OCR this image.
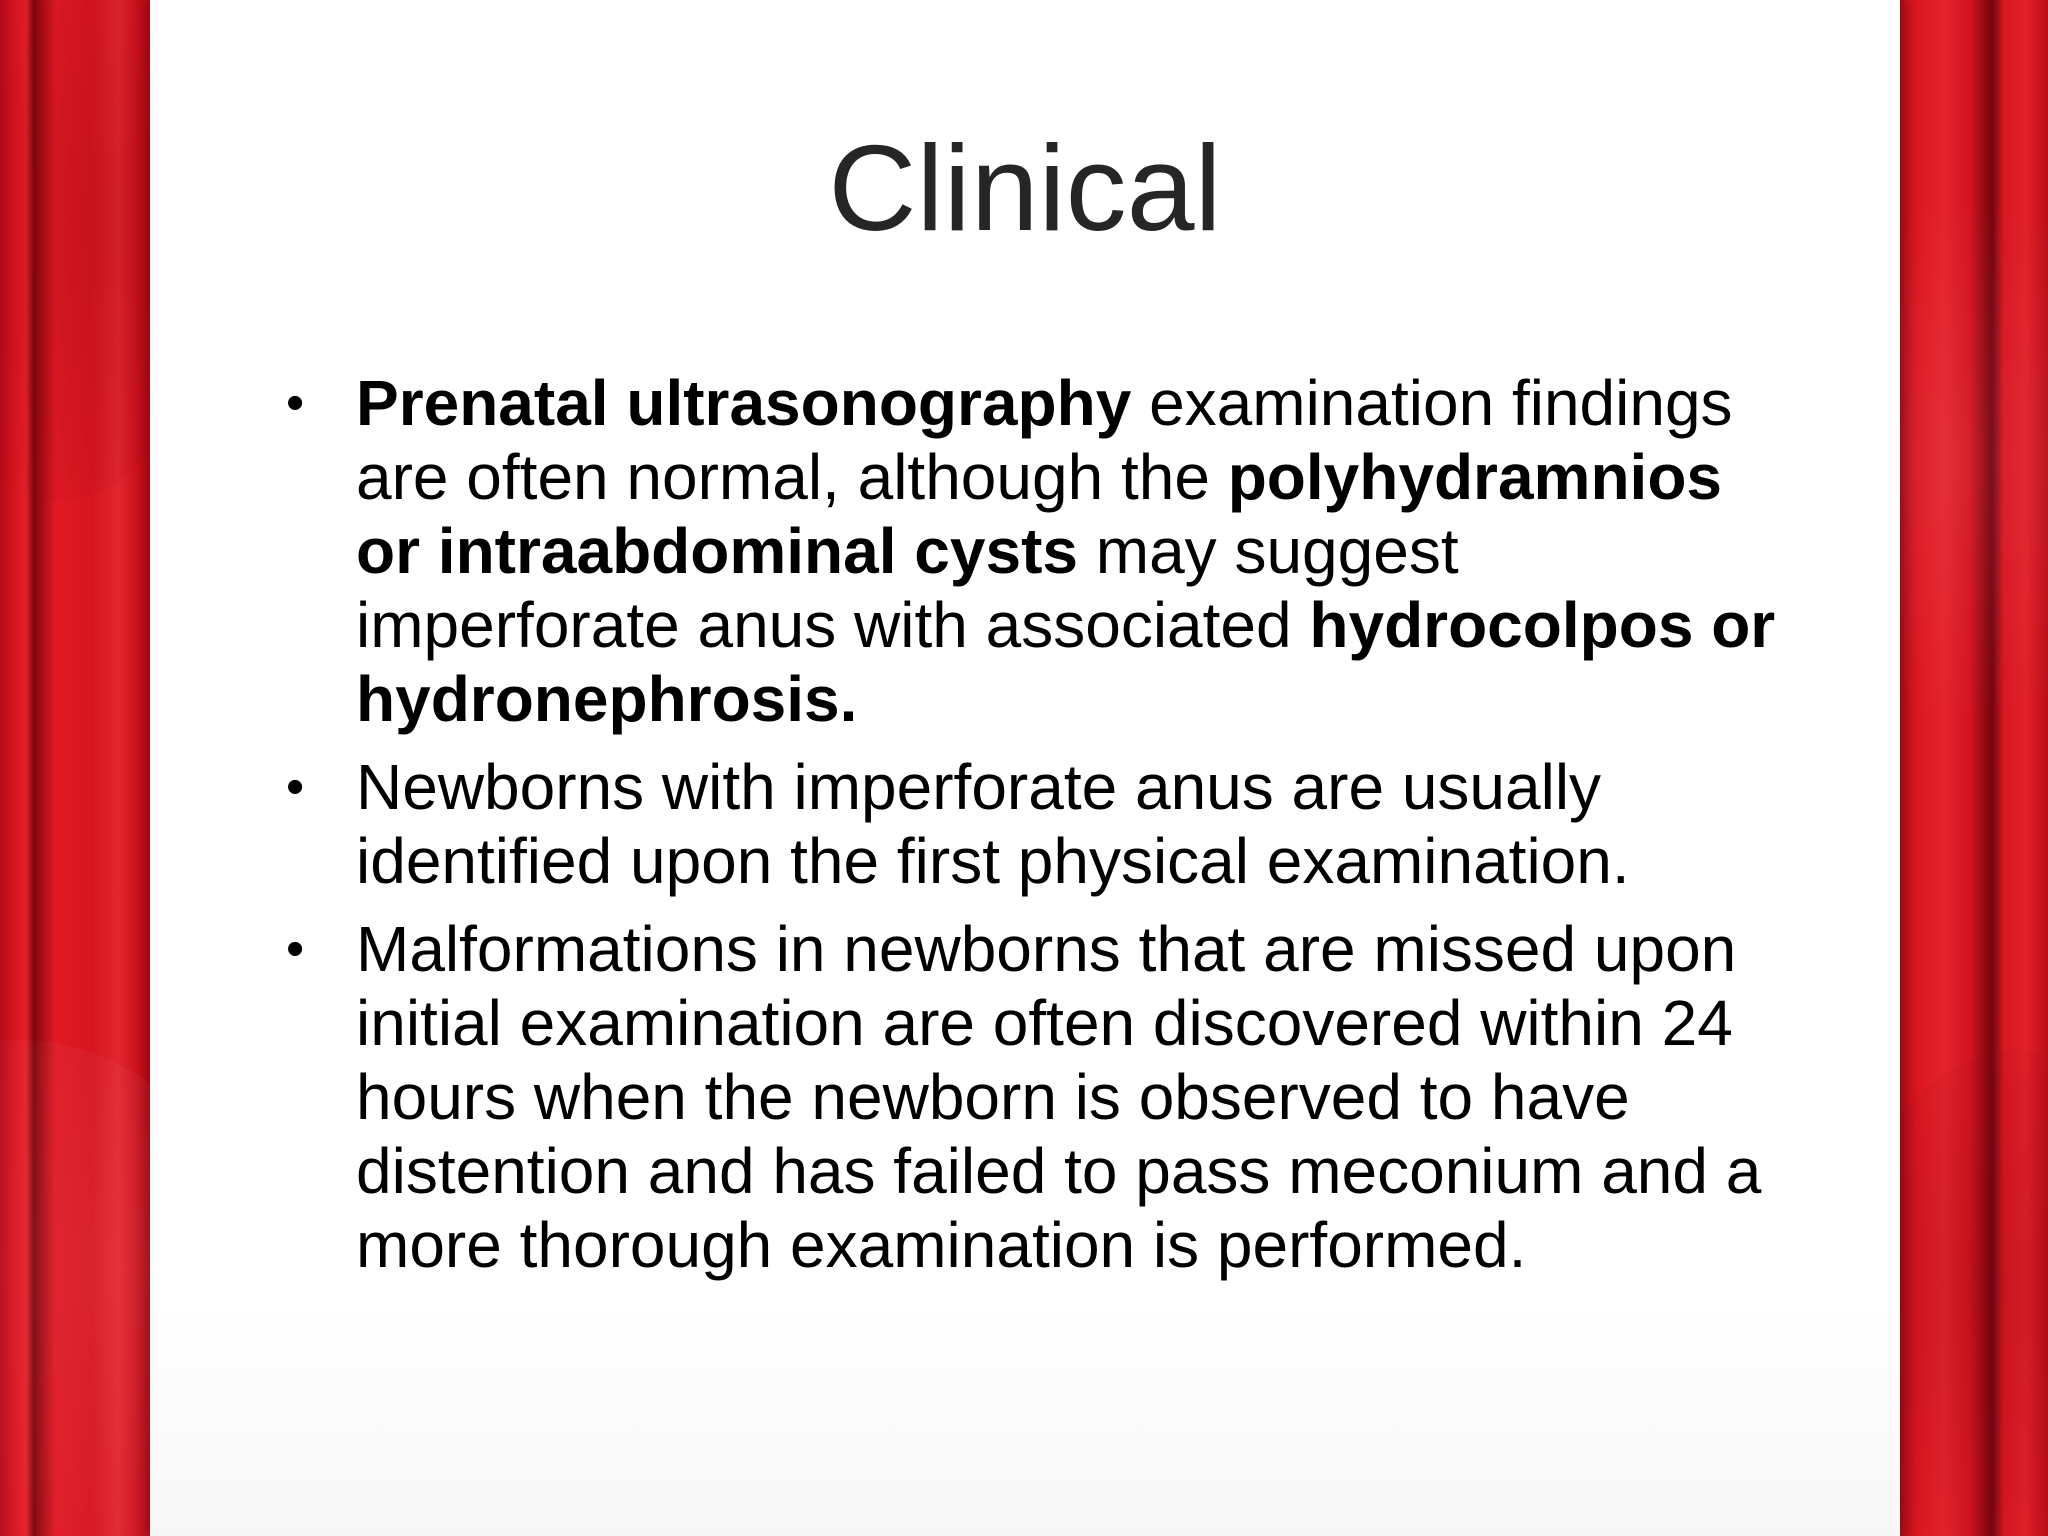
Clinical
• Prenatal ultrasonography examination findings are often normal, although the polyhydramnios or intraabdominal cysts may suggest imperforate anus with associated hydrocolpos or hydronephrosis.
• Newborns with imperforate anus are usually identified upon the first physical examination.
• Malformations in newborns that are missed upon initial examination are often discovered within 24 hours when the newborn is observed to have distention and has failed to pass meconium and a more thorough examination is performed.
